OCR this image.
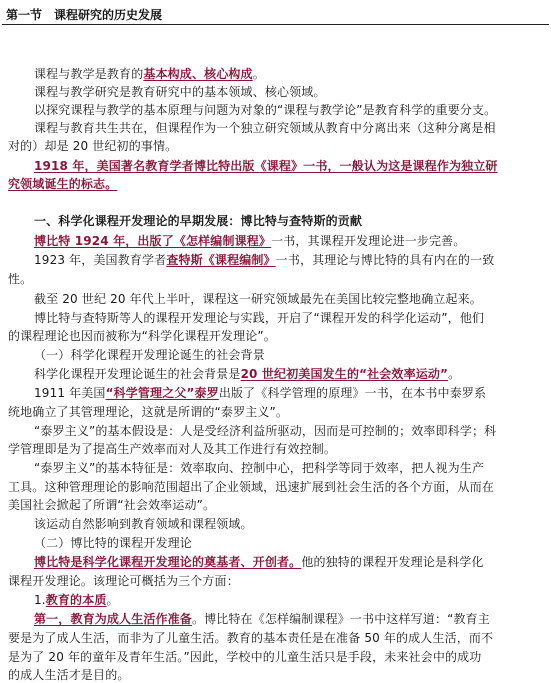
第一节　课程研究的历史发展
课程与教学是教育的基本构成、核心构成。
课程与教学研究是教育研究中的基本领域、核心领域。
以探究课程与教学的基本原理与问题为对象的“课程与教学论”是教育科学的重要分支。
课程与教育共生共在，但课程作为一个独立研究领域从教育中分离出来（这种分离是相
对的）却是 20 世纪初的事情。
1918 年，美国著名教育学者博比特出版《课程》一书，一般认为这是课程作为独立研
究领域诞生的标志。
一、科学化课程开发理论的早期发展：博比特与查特斯的贡献
博比特 1924 年，出版了《怎样编制课程》一书，其课程开发理论进一步完善。
1923 年，美国教育学者查特斯《课程编制》一书，其理论与博比特的具有内在的一致
性。
截至 20 世纪 20 年代上半叶，课程这一研究领域最先在美国比较完整地确立起来。
博比特与查特斯等人的课程开发理论与实践，开启了“课程开发的科学化运动”，他们
的课程理论也因而被称为“科学化课程开发理论”。
（一）科学化课程开发理论诞生的社会背景
科学化课程开发理论诞生的社会背景是20 世纪初美国发生的“社会效率运动”。
1911 年美国“科学管理之父”泰罗出版了《科学管理的原理》一书，在本书中泰罗系
统地确立了其管理理论，这就是所谓的“泰罗主义”。
“泰罗主义”的基本假设是：人是受经济利益所驱动，因而是可控制的；效率即科学；科
学管理即是为了提高生产效率而对人及其工作进行有效控制。
“泰罗主义”的基本特征是：效率取向、控制中心，把科学等同于效率，把人视为生产
工具。这种管理理论的影响范围超出了企业领域，迅速扩展到社会生活的各个方面，从而在
美国社会掀起了所谓“社会效率运动”。
该运动自然影响到教育领域和课程领域。
（二）博比特的课程开发理论
博比特是科学化课程开发理论的奠基者、开创者。他的独特的课程开发理论是科学化
课程开发理论。该理论可概括为三个方面：
1.教育的本质。
第一，教育为成人生活作准备。博比特在《怎样编制课程》一书中这样写道：“教育主
要是为了成人生活，而非为了儿童生活。教育的基本责任是在准备 50 年的成人生活，而不
是为了 20 年的童年及青年生活。”因此，学校中的儿童生活只是手段，未来社会中的成功
的成人生活才是目的。
